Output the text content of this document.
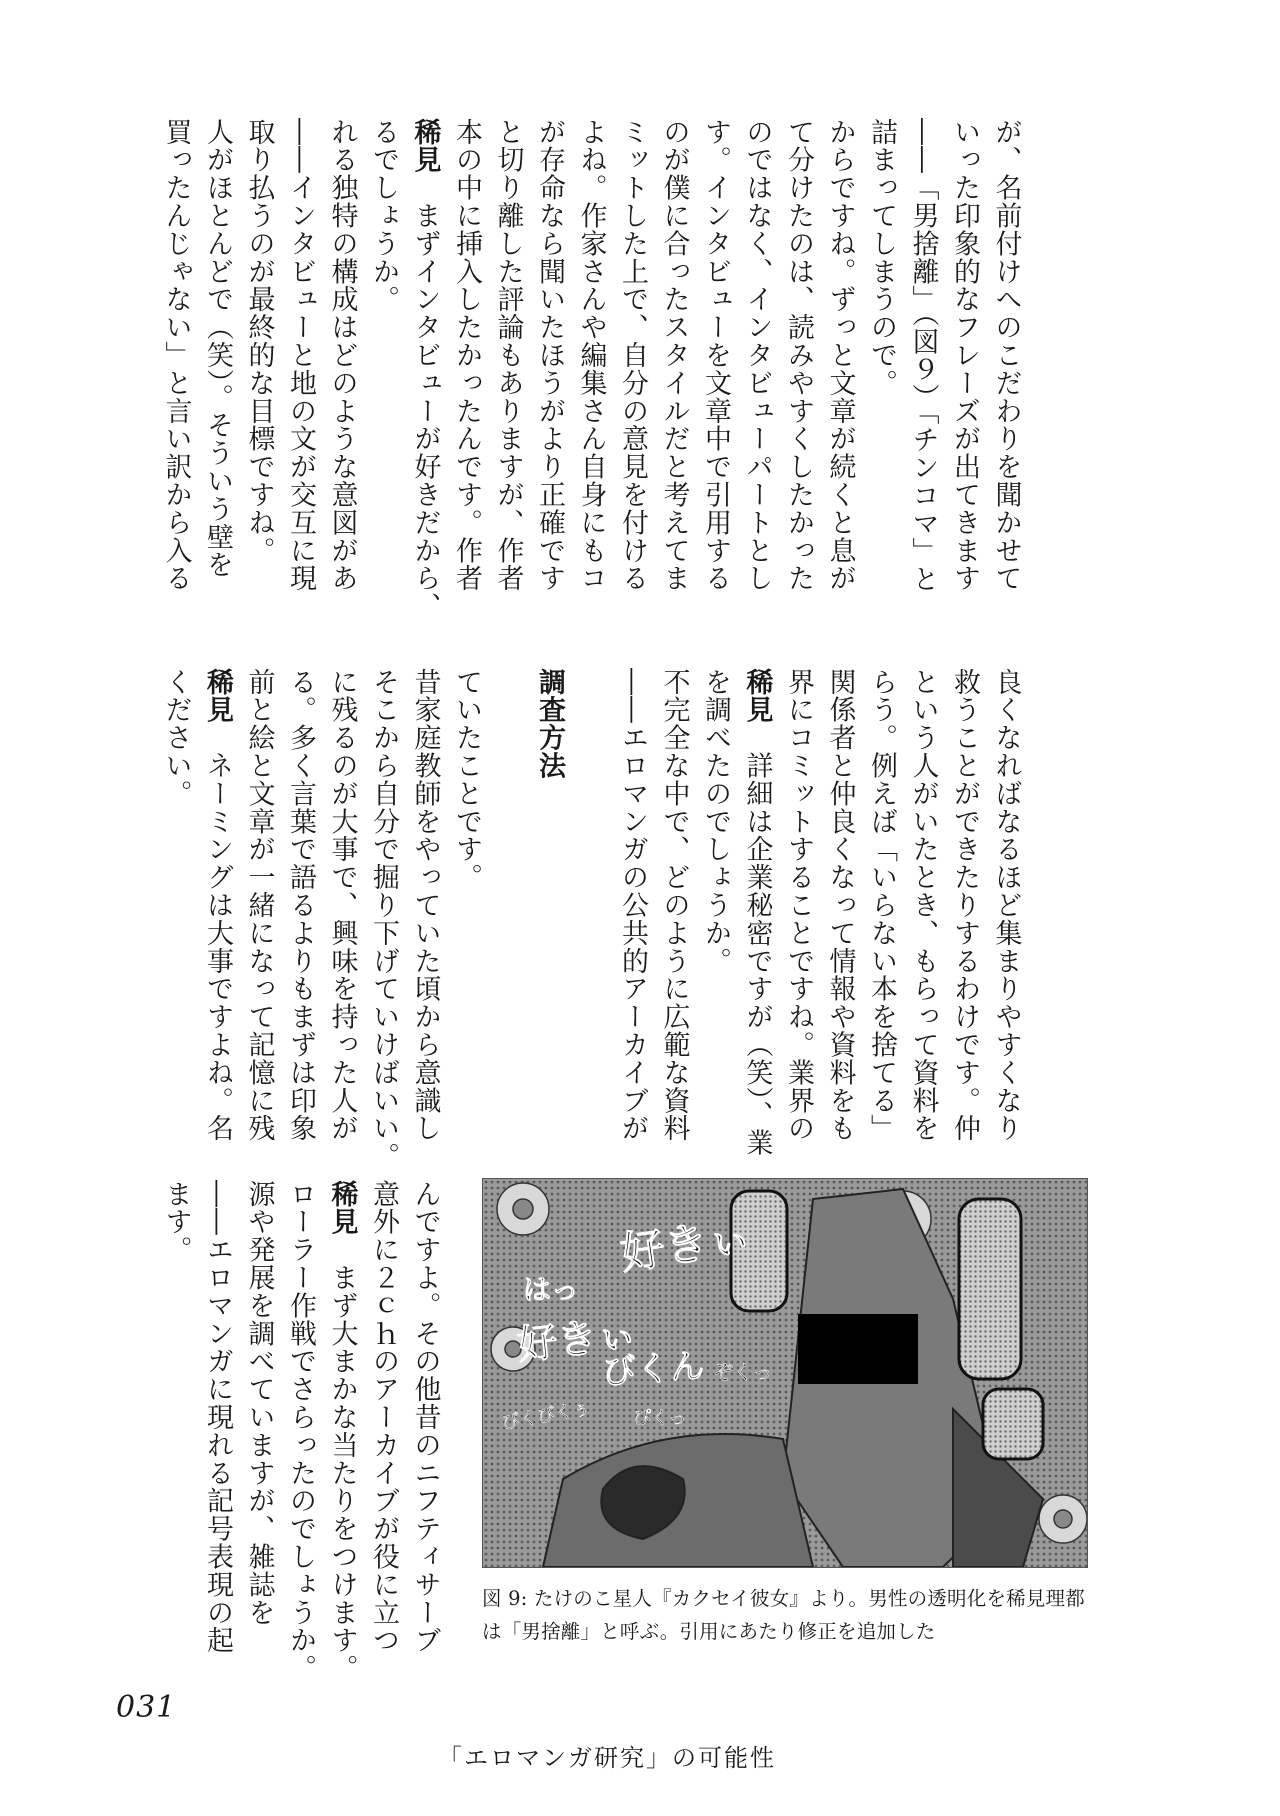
が、名前付けへのこだわりを聞かせて
いった印象的なフレーズが出てきます
――「男捨離」（図９）「チンコマ」と
詰まってしまうので。
からですね。ずっと文章が続くと息が
て分けたのは、読みやすくしたかった
のではなく、インタビューパートとし
す。インタビューを文章中で引用する
のが僕に合ったスタイルだと考えてま
ミットした上で、自分の意見を付ける
よね。作家さんや編集さん自身にもコ
が存命なら聞いたほうがより正確です
と切り離した評論もありますが、作者
本の中に挿入したかったんです。作者
稀見　まずインタビューが好きだから、
るでしょうか。
れる独特の構成はどのような意図があ
――インタビューと地の文が交互に現
取り払うのが最終的な目標ですね。
人がほとんどで（笑）。そういう壁を
買ったんじゃない」と言い訳から入る
良くなればなるほど集まりやすくなり
救うことができたりするわけです。仲
という人がいたとき、もらって資料を
らう。例えば「いらない本を捨てる」
関係者と仲良くなって情報や資料をも
界にコミットすることですね。業界の
稀見　詳細は企業秘密ですが（笑）、業
を調べたのでしょうか。
不完全な中で、どのように広範な資料
――エロマンガの公共的アーカイブが

調査方法

ていたことです。
昔家庭教師をやっていた頃から意識し
そこから自分で掘り下げていけばいい。
に残るのが大事で、興味を持った人が
る。多く言葉で語るよりもまずは印象
前と絵と文章が一緒になって記憶に残
稀見　ネーミングは大事ですよね。名
ください。
んですよ。その他昔のニフティサーブ
意外に２ｃｈのアーカイブが役に立つ
稀見　まず大まかな当たりをつけます。
ローラー作戦でさらったのでしょうか。
源や発展を調べていますが、雑誌を
――エロマンガに現れる記号表現の起
ます。	好きぃ
はっ
好きぃ
びくん
ぴくっ
ぞくっ
びくびくぅ
図 9: たけのこ星人『カクセイ彼女』より。男性の透明化を稀見理都
は「男捨離」と呼ぶ。引用にあたり修正を追加した
031
「エロマンガ研究」の可能性
